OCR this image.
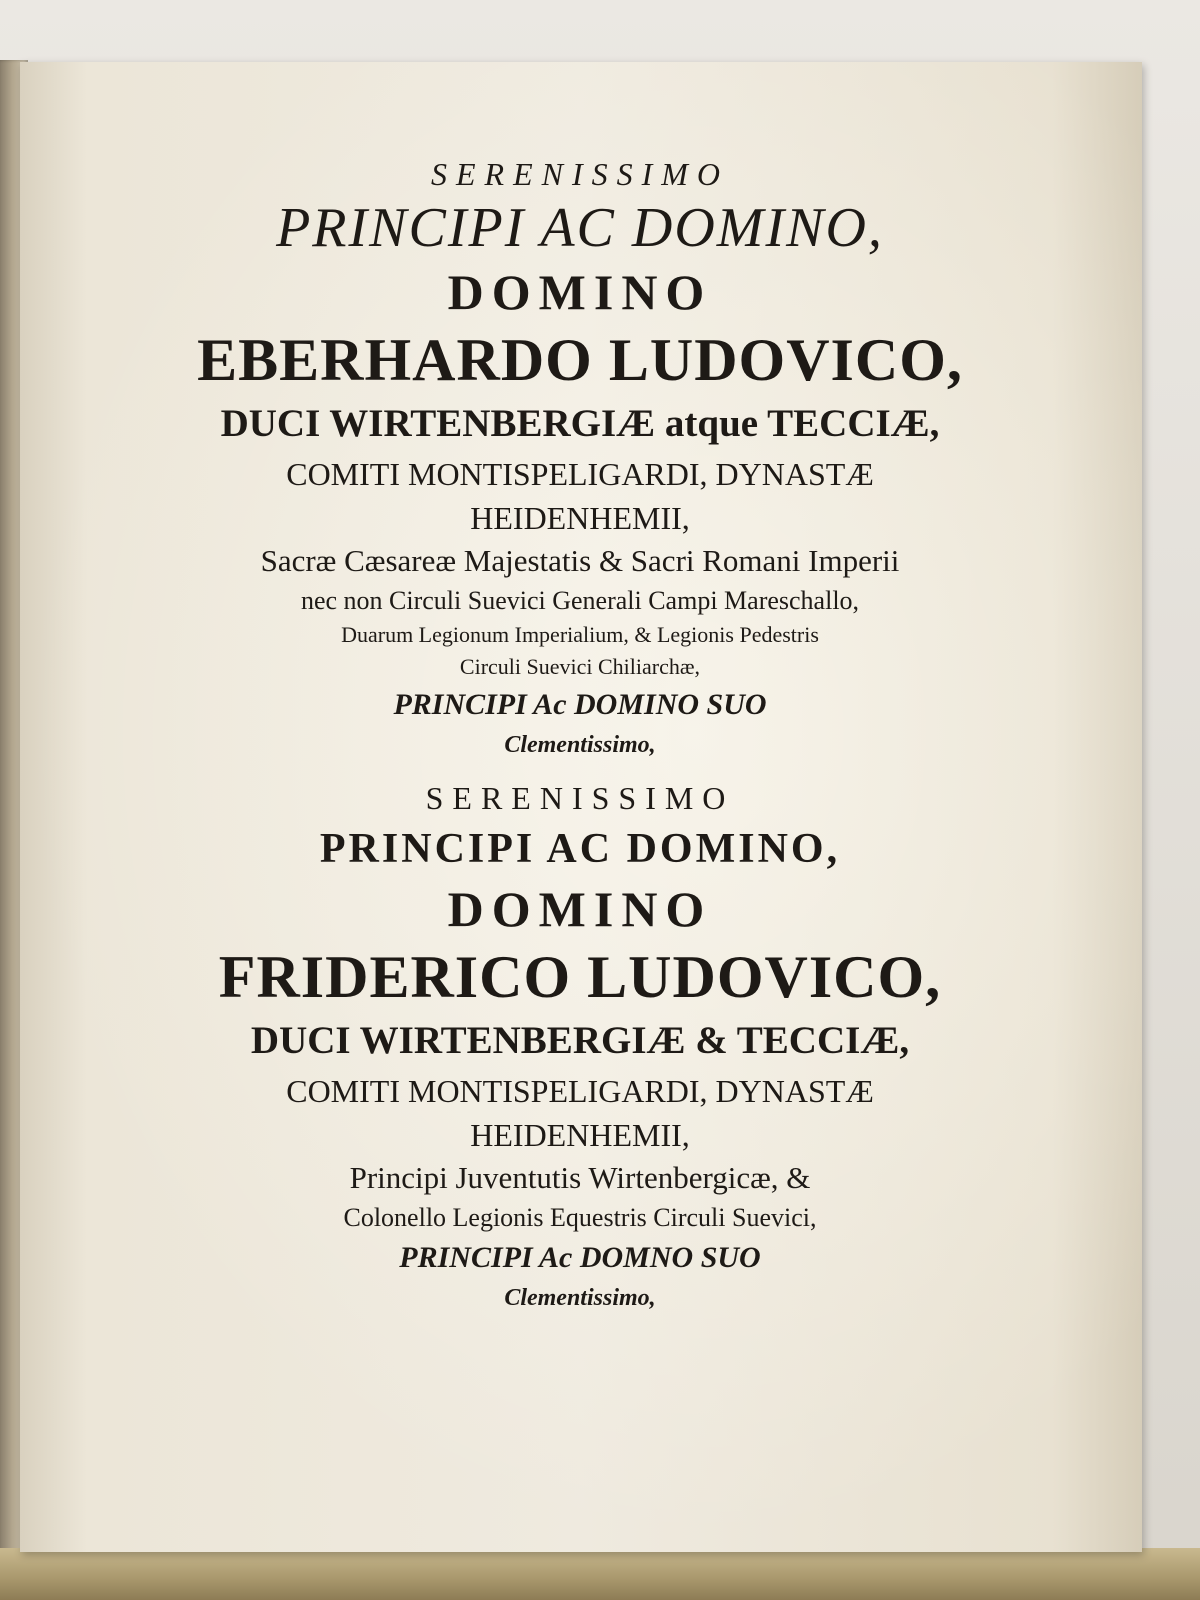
SERENISSIMO
PRINCIPI AC DOMINO,
DOMINO
EBERHARDO LUDOVICO,
DUCI WIRTENBERGIÆ atque TECCIÆ,
COMITI MONTISPELIGARDI, DYNASTÆ
HEIDENHEMII,
Sacræ Cæsareæ Majestatis & Sacri Romani Imperii
nec non Circuli Suevici Generali Campi Mareschallo,
Duarum Legionum Imperialium, & Legionis Pedestris
Circuli Suevici Chiliarchæ,
PRINCIPI Ac DOMINO SUO
Clementissimo,
SERENISSIMO
PRINCIPI AC DOMINO,
DOMINO
FRIDERICO LUDOVICO,
DUCI WIRTENBERGIÆ & TECCIÆ,
COMITI MONTISPELIGARDI, DYNASTÆ
HEIDENHEMII,
Principi Juventutis Wirtenbergicæ, &
Colonello Legionis Equestris Circuli Suevici,
PRINCIPI Ac DOMNO SUO
Clementissimo,
